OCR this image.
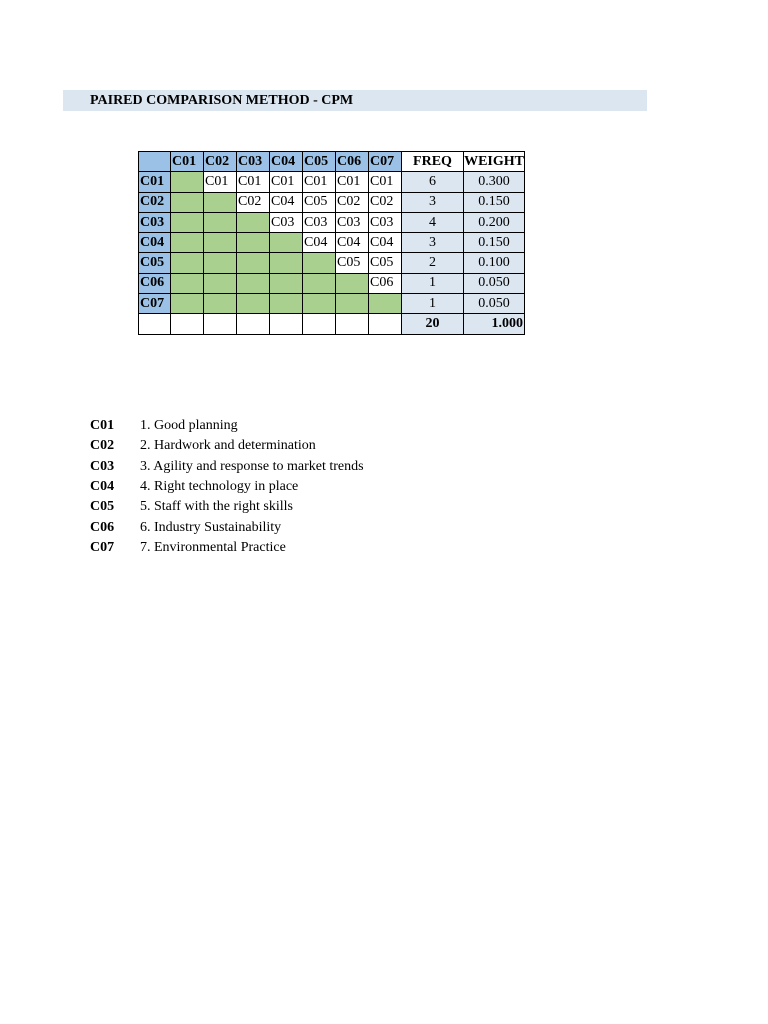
PAIRED COMPARISON METHOD - CPM
	C01	C02	C03	C04	C05	C06	C07	FREQ	WEIGHT
C01		C01	C01	C01	C01	C01	C01	6	0.300
C02			C02	C04	C05	C02	C02	3	0.150
C03				C03	C03	C03	C03	4	0.200
C04					C04	C04	C04	3	0.150
C05						C05	C05	2	0.100
C06							C06	1	0.050
C07								1	0.050
								20	1.000
C01	1. Good planning
C02	2. Hardwork and determination
C03	3. Agility and response to market trends
C04	4. Right technology in place
C05	5. Staff with the right skills
C06	6. Industry Sustainability
C07	7. Environmental Practice
